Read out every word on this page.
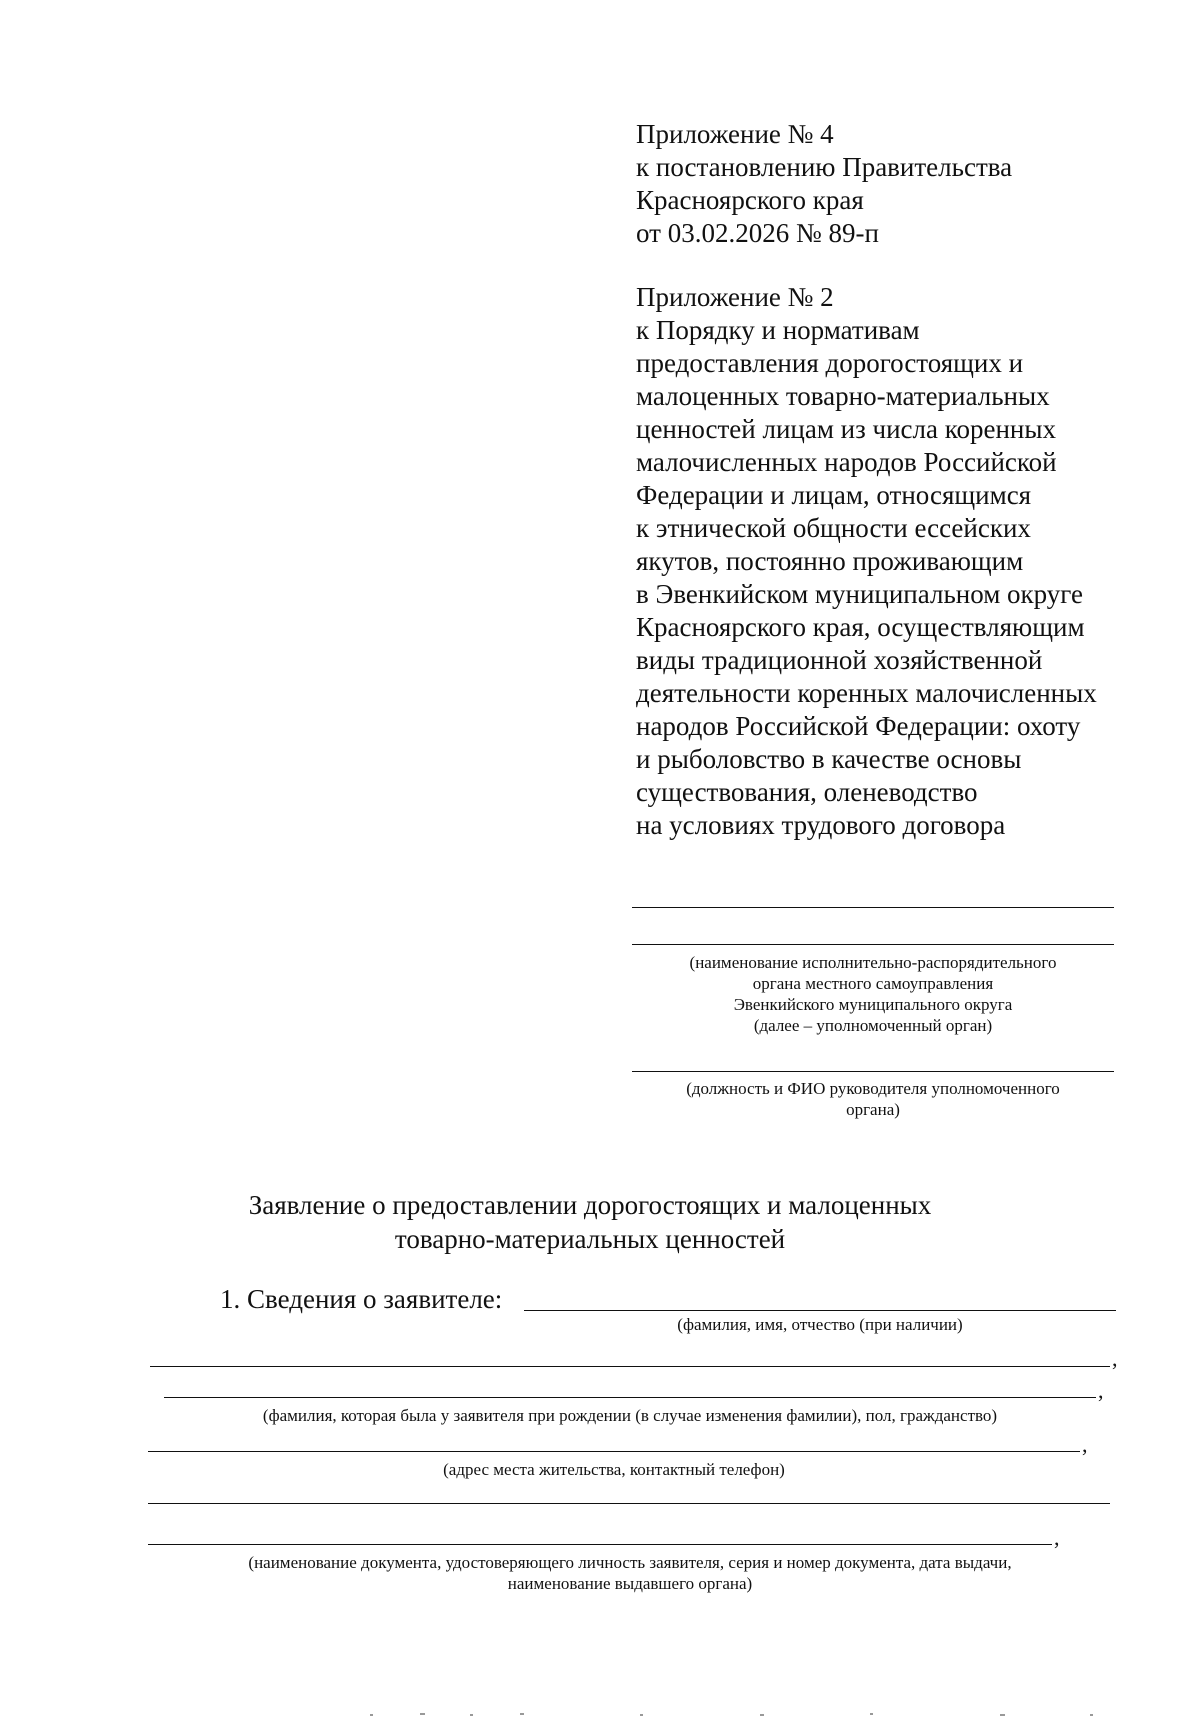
Приложение № 4
к постановлению Правительства
Красноярского края
от 03.02.2026 № 89-п
Приложение № 2
к Порядку и нормативам
предоставления дорогостоящих и
малоценных товарно-материальных
ценностей лицам из числа коренных
малочисленных народов Российской
Федерации и лицам, относящимся
к этнической общности ессейских
якутов, постоянно проживающим
в Эвенкийском муниципальном округе
Красноярского края, осуществляющим
виды традиционной хозяйственной
деятельности коренных малочисленных
народов Российской Федерации: охоту
и рыболовство в качестве основы
существования, оленеводство
на условиях трудового договора
(наименование исполнительно-распорядительного
органа местного самоуправления
Эвенкийского муниципального округа
(далее – уполномоченный орган)
(должность и ФИО руководителя уполномоченного
органа)
Заявление о предоставлении дорогостоящих и малоценных
товарно-материальных ценностей
1. Сведения о заявителе:
(фамилия, имя, отчество (при наличии)
,
,
(фамилия, которая была у заявителя при рождении (в случае изменения фамилии), пол, гражданство)
,
(адрес места жительства, контактный телефон)
,
(наименование документа, удостоверяющего личность заявителя, серия и номер документа, дата выдачи,
наименование выдавшего органа)
